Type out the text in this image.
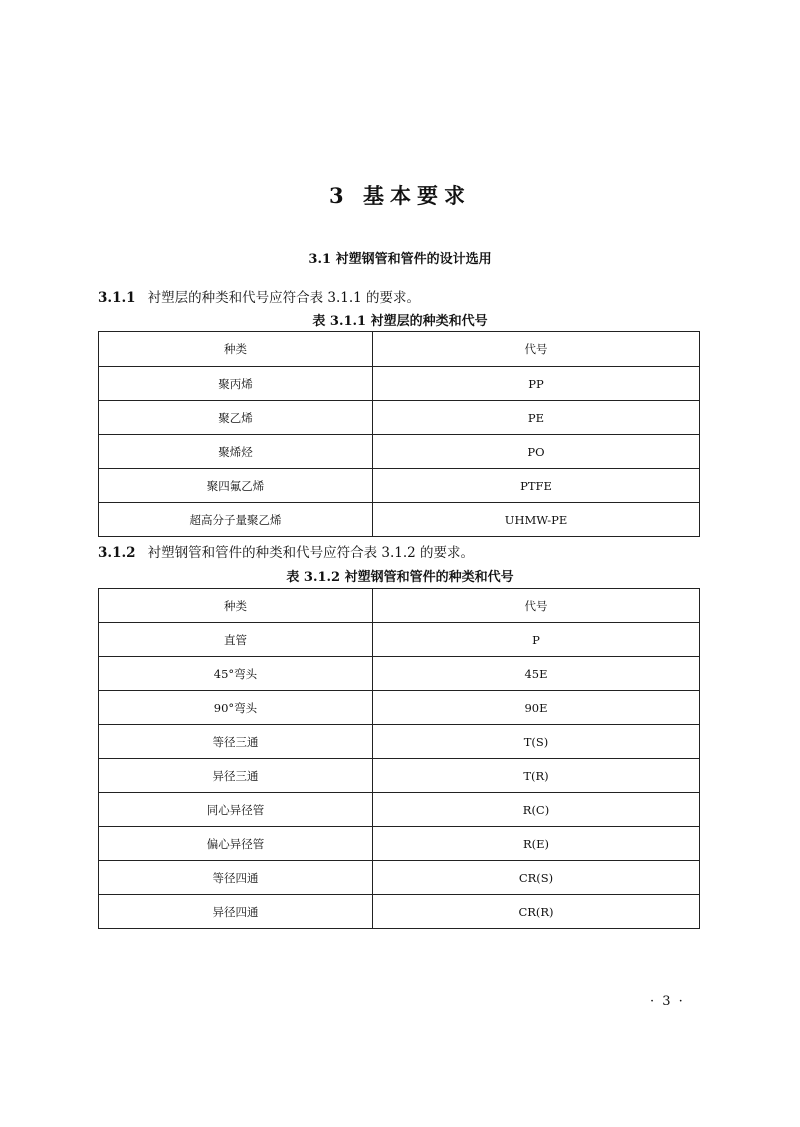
3 基本要求
3.1 衬塑钢管和管件的设计选用
3.1.1 衬塑层的种类和代号应符合表 3.1.1 的要求。
表 3.1.1 衬塑层的种类和代号
种类	代号
聚丙烯	PP
聚乙烯	PE
聚烯烃	PO
聚四氟乙烯	PTFE
超高分子量聚乙烯	UHMW-PE
3.1.2 衬塑钢管和管件的种类和代号应符合表 3.1.2 的要求。
表 3.1.2 衬塑钢管和管件的种类和代号
种类	代号
直管	P
45°弯头	45E
90°弯头	90E
等径三通	T(S)
异径三通	T(R)
同心异径管	R(C)
偏心异径管	R(E)
等径四通	CR(S)
异径四通	CR(R)
· 3 ·
